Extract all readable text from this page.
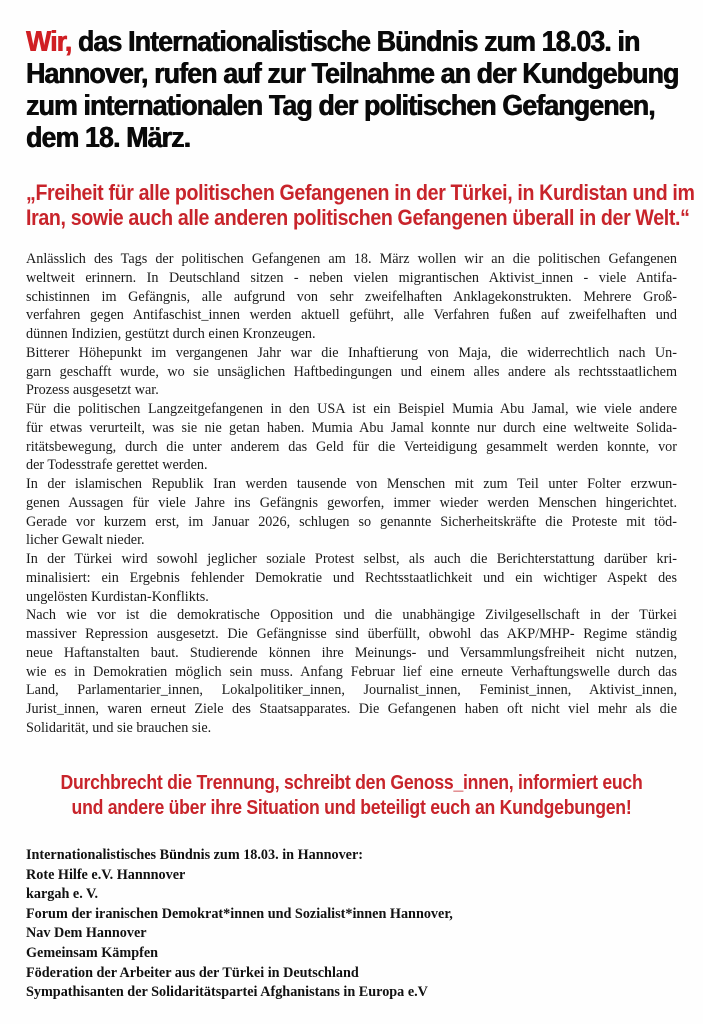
Wir, das Internationalistische Bündnis zum 18.03. in
Hannover, rufen auf zur Teilnahme an der Kundgebung
zum internationalen Tag der politischen Gefangenen,
dem 18. März.
„Freiheit für alle politischen Gefangenen in der Türkei, in Kurdistan und im
Iran, sowie auch alle anderen politischen Gefangenen überall in der Welt.“
Anlässlich des Tags der politischen Gefangenen am 18. März wollen wir an die politischen Gefangenen
weltweit erinnern. In Deutschland sitzen - neben vielen migrantischen Aktivist_innen - viele Antifa-
schistinnen im Gefängnis, alle aufgrund von sehr zweifelhaften Anklagekonstrukten. Mehrere Groß-
verfahren gegen Antifaschist_innen werden aktuell geführt, alle Verfahren fußen auf zweifelhaften und
dünnen Indizien, gestützt durch einen Kronzeugen.
Bitterer Höhepunkt im vergangenen Jahr war die Inhaftierung von Maja, die widerrechtlich nach Un-
garn geschafft wurde, wo sie unsäglichen Haftbedingungen und einem alles andere als rechtsstaatlichem
Prozess ausgesetzt war.
Für die politischen Langzeitgefangenen in den USA ist ein Beispiel Mumia Abu Jamal, wie viele andere
für etwas verurteilt, was sie nie getan haben. Mumia Abu Jamal konnte nur durch eine weltweite Solida-
ritätsbewegung, durch die unter anderem das Geld für die Verteidigung gesammelt werden konnte, vor
der Todesstrafe gerettet werden.
In der islamischen Republik Iran werden tausende von Menschen mit zum Teil unter Folter erzwun-
genen Aussagen für viele Jahre ins Gefängnis geworfen, immer wieder werden Menschen hingerichtet.
Gerade vor kurzem erst, im Januar 2026, schlugen so genannte Sicherheitskräfte die Proteste mit töd-
licher Gewalt nieder.
In der Türkei wird sowohl jeglicher soziale Protest selbst, als auch die Berichterstattung darüber kri-
minalisiert: ein Ergebnis fehlender Demokratie und Rechtsstaatlichkeit und ein wichtiger Aspekt des
ungelösten Kurdistan-Konflikts.
Nach wie vor ist die demokratische Opposition und die unabhängige Zivilgesellschaft in der Türkei
massiver Repression ausgesetzt. Die Gefängnisse sind überfüllt, obwohl das AKP/MHP- Regime ständig
neue Haftanstalten baut. Studierende können ihre Meinungs- und Versammlungsfreiheit nicht nutzen,
wie es in Demokratien möglich sein muss. Anfang Februar lief eine erneute Verhaftungswelle durch das
Land, Parlamentarier_innen, Lokalpolitiker_innen, Journalist_innen, Feminist_innen, Aktivist_innen,
Jurist_innen, waren erneut Ziele des Staatsapparates. Die Gefangenen haben oft nicht viel mehr als die
Solidarität, und sie brauchen sie.
Durchbrecht die Trennung, schreibt den Genoss_innen, informiert euch
und andere über ihre Situation und beteiligt euch an Kundgebungen!
Internationalistisches Bündnis zum 18.03. in Hannover:
Rote Hilfe e.V. Hannnover
kargah e. V.
Forum der iranischen Demokrat*innen und Sozialist*innen Hannover,
Nav Dem Hannover
Gemeinsam Kämpfen
Föderation der Arbeiter aus der Türkei in Deutschland
Sympathisanten der Solidaritätspartei Afghanistans in Europa e.V
